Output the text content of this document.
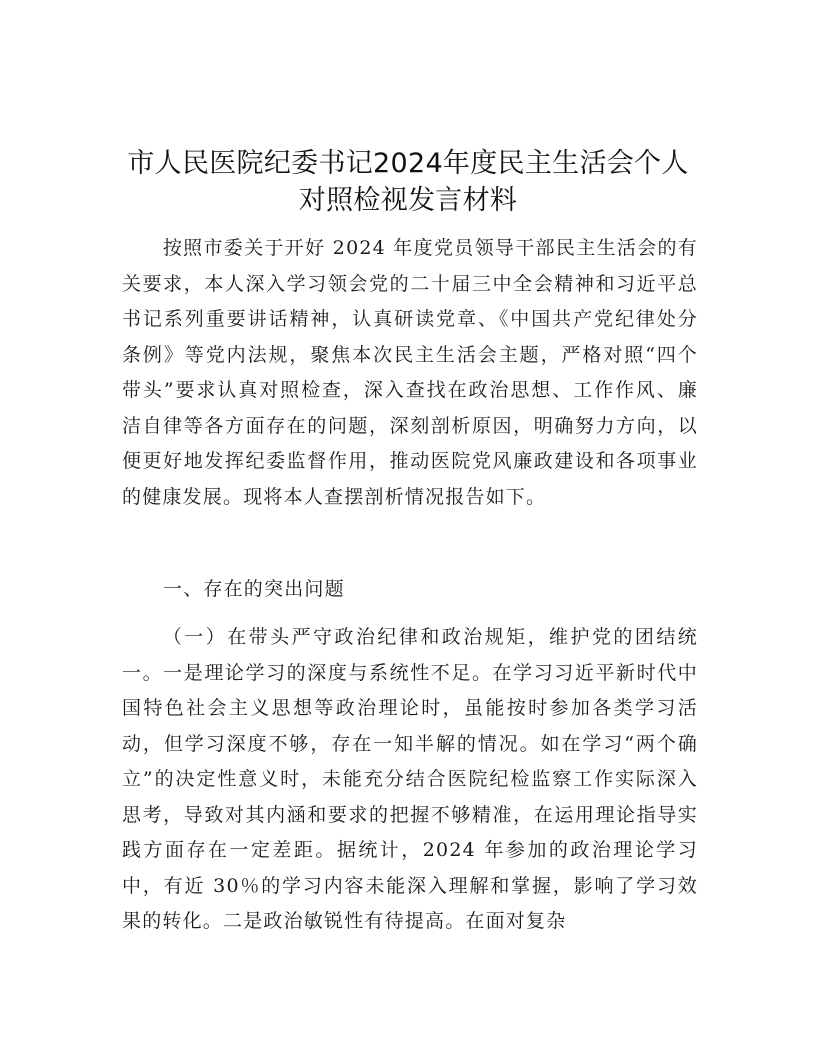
市人民医院纪委书记2024年度民主生活会个人
对照检视发言材料

按照市委关于开好 2024 年度党员领导干部民主生活会的有关要求，本人深入学习领会党的二十届三中全会精神和习近平总书记系列重要讲话精神，认真研读党章、《中国共产党纪律处分条例》等党内法规，聚焦本次民主生活会主题，严格对照“四个带头”要求认真对照检查，深入查找在政治思想、工作作风、廉洁自律等各方面存在的问题，深刻剖析原因，明确努力方向，以便更好地发挥纪委监督作用，推动医院党风廉政建设和各项事业的健康发展。现将本人查摆剖析情况报告如下。

一、存在的突出问题

（一）在带头严守政治纪律和政治规矩，维护党的团结统一。一是理论学习的深度与系统性不足。在学习习近平新时代中国特色社会主义思想等政治理论时，虽能按时参加各类学习活动，但学习深度不够，存在一知半解的情况。如在学习“两个确立”的决定性意义时，未能充分结合医院纪检监察工作实际深入思考，导致对其内涵和要求的把握不够精准，在运用理论指导实践方面存在一定差距。据统计，2024 年参加的政治理论学习中，有近 30％的学习内容未能深入理解和掌握，影响了学习效果的转化。二是政治敏锐性有待提高。在面对复杂
